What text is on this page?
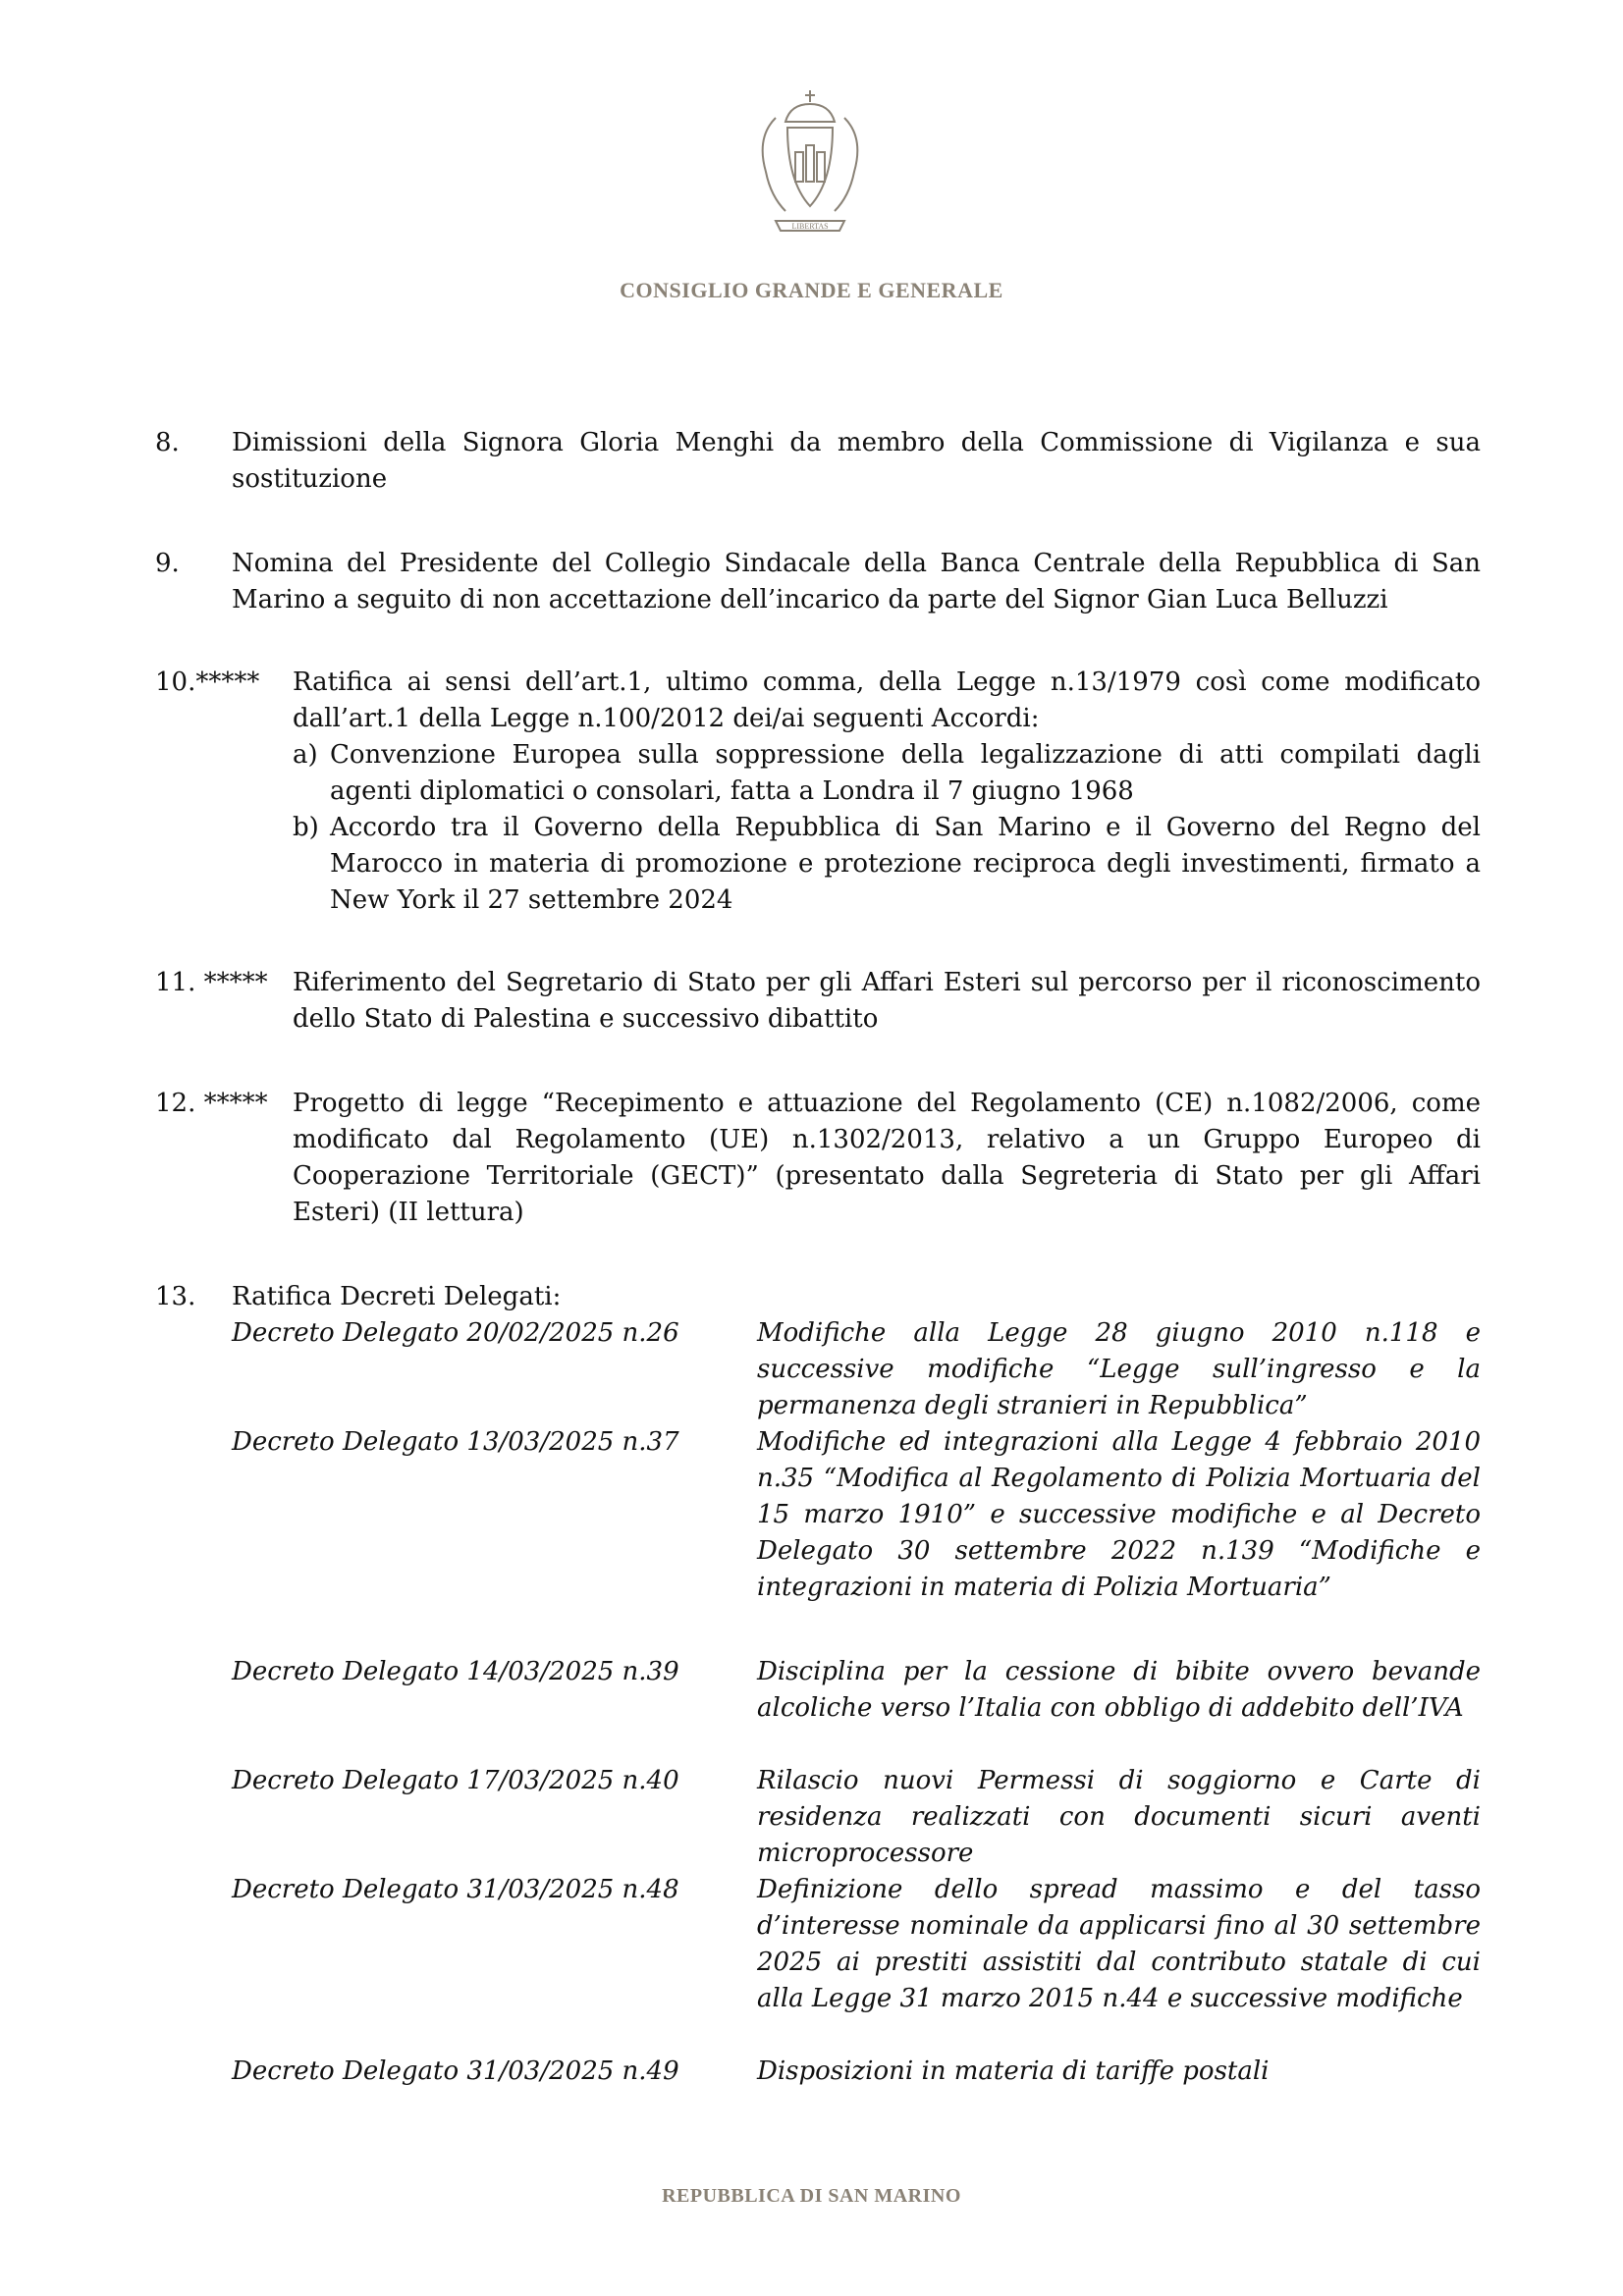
LIBERTAS
CONSIGLIO GRANDE E GENERALE
8. Dimissioni della Signora Gloria Menghi da membro della Commissione di Vigilanza e sua sostituzione
9. Nomina del Presidente del Collegio Sindacale della Banca Centrale della Repubblica di San Marino a seguito di non accettazione dell’incarico da parte del Signor Gian Luca Belluzzi
10.***** Ratifica ai sensi dell’art.1, ultimo comma, della Legge n.13/1979 così come modificato dall’art.1 della Legge n.100/2012 dei/ai seguenti Accordi:
a) Convenzione Europea sulla soppressione della legalizzazione di atti compilati dagli agenti diplomatici o consolari, fatta a Londra il 7 giugno 1968
b) Accordo tra il Governo della Repubblica di San Marino e il Governo del Regno del Marocco in materia di promozione e protezione reciproca degli investimenti, firmato a New York il 27 settembre 2024
11. ***** Riferimento del Segretario di Stato per gli Affari Esteri sul percorso per il riconoscimento dello Stato di Palestina e successivo dibattito
12. ***** Progetto di legge “Recepimento e attuazione del Regolamento (CE) n.1082/2006, come modificato dal Regolamento (UE) n.1302/2013, relativo a un Gruppo Europeo di Cooperazione Territoriale (GECT)” (presentato dalla Segreteria di Stato per gli Affari Esteri) (II lettura)
13. Ratifica Decreti Delegati:
Decreto Delegato 20/02/2025 n.26	Modifiche alla Legge 28 giugno 2010 n.118 e successive modifiche “Legge sull’ingresso e la permanenza degli stranieri in Repubblica”
Decreto Delegato 13/03/2025 n.37	Modifiche ed integrazioni alla Legge 4 febbraio 2010 n.35 “Modifica al Regolamento di Polizia Mortuaria del 15 marzo 1910” e successive modifiche e al Decreto Delegato 30 settembre 2022 n.139 “Modifiche e integrazioni in materia di Polizia Mortuaria”
Decreto Delegato 14/03/2025 n.39	Disciplina per la cessione di bibite ovvero bevande alcoliche verso l’Italia con obbligo di addebito dell’IVA
Decreto Delegato 17/03/2025 n.40	Rilascio nuovi Permessi di soggiorno e Carte di residenza realizzati con documenti sicuri aventi microprocessore
Decreto Delegato 31/03/2025 n.48	Definizione dello spread massimo e del tasso d’interesse nominale da applicarsi fino al 30 settembre 2025 ai prestiti assistiti dal contributo statale di cui alla Legge 31 marzo 2015 n.44 e successive modifiche
Decreto Delegato 31/03/2025 n.49	Disposizioni in materia di tariffe postali
REPUBBLICA DI SAN MARINO
